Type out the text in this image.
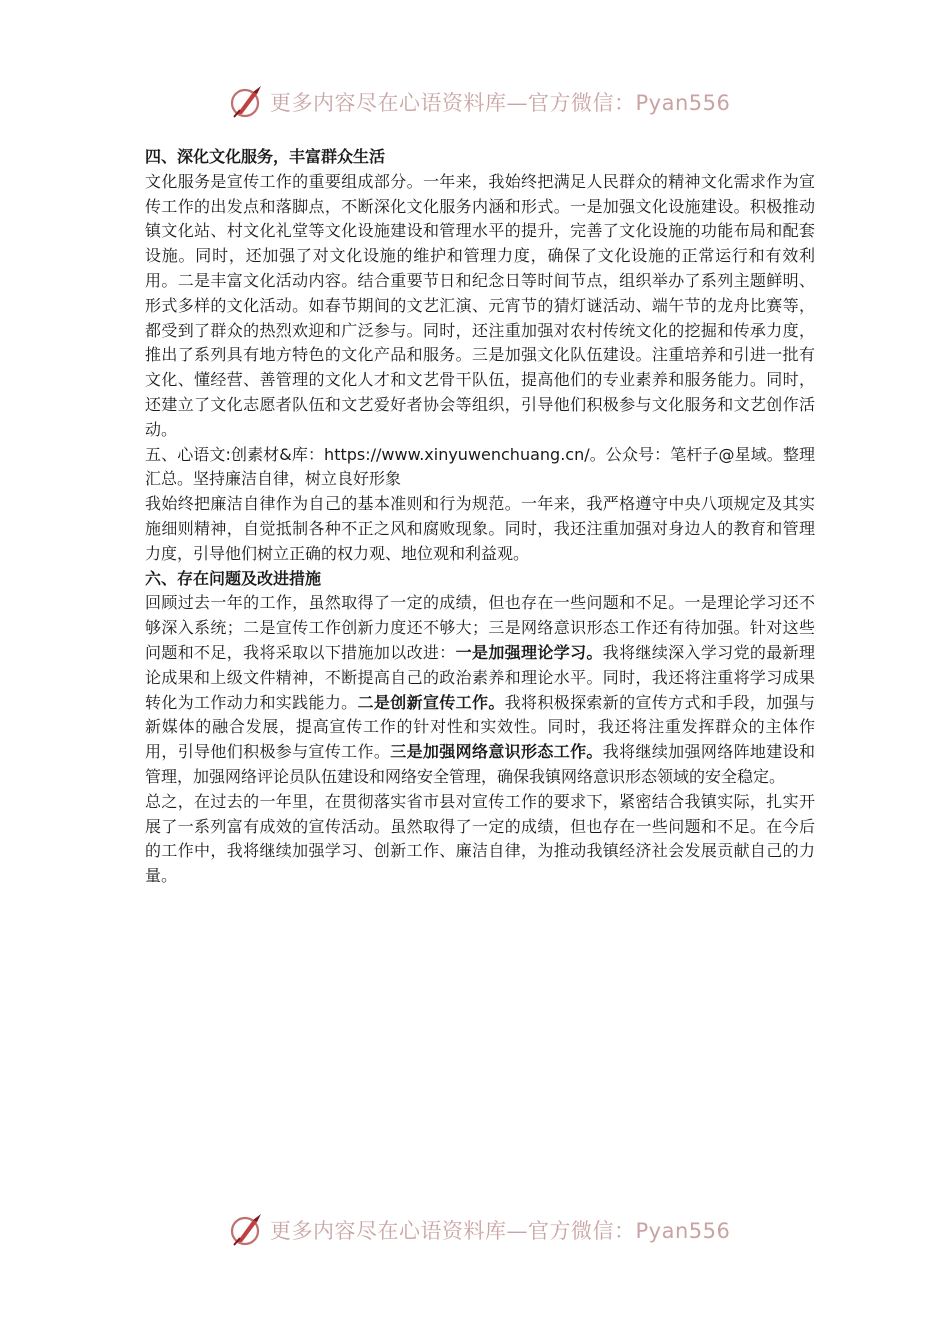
更多内容尽在心语资料库—官方微信：Pyan556

四、深化文化服务，丰富群众生活

文化服务是宣传工作的重要组成部分。一年来，我始终把满足人民群众的精神文化需求作为宣传工作的出发点和落脚点，不断深化文化服务内涵和形式。一是加强文化设施建设。积极推动镇文化站、村文化礼堂等文化设施建设和管理水平的提升，完善了文化设施的功能布局和配套设施。同时，还加强了对文化设施的维护和管理力度，确保了文化设施的正常运行和有效利用。二是丰富文化活动内容。结合重要节日和纪念日等时间节点，组织举办了系列主题鲜明、形式多样的文化活动。如春节期间的文艺汇演、元宵节的猜灯谜活动、端午节的龙舟比赛等，都受到了群众的热烈欢迎和广泛参与。同时，还注重加强对农村传统文化的挖掘和传承力度，推出了系列具有地方特色的文化产品和服务。三是加强文化队伍建设。注重培养和引进一批有文化、懂经营、善管理的文化人才和文艺骨干队伍，提高他们的专业素养和服务能力。同时，还建立了文化志愿者队伍和文艺爱好者协会等组织，引导他们积极参与文化服务和文艺创作活动。

五、心语文:创素材&库：https://www.xinyuwenchuang.cn/。公众号：笔杆子@星域。整理汇总。坚持廉洁自律，树立良好形象

我始终把廉洁自律作为自己的基本准则和行为规范。一年来，我严格遵守中央八项规定及其实施细则精神，自觉抵制各种不正之风和腐败现象。同时，我还注重加强对身边人的教育和管理力度，引导他们树立正确的权力观、地位观和利益观。

六、存在问题及改进措施

回顾过去一年的工作，虽然取得了一定的成绩，但也存在一些问题和不足。一是理论学习还不够深入系统；二是宣传工作创新力度还不够大；三是网络意识形态工作还有待加强。针对这些问题和不足，我将采取以下措施加以改进：一是加强理论学习。我将继续深入学习党的最新理论成果和上级文件精神，不断提高自己的政治素养和理论水平。同时，我还将注重将学习成果转化为工作动力和实践能力。二是创新宣传工作。我将积极探索新的宣传方式和手段，加强与新媒体的融合发展，提高宣传工作的针对性和实效性。同时，我还将注重发挥群众的主体作用，引导他们积极参与宣传工作。三是加强网络意识形态工作。我将继续加强网络阵地建设和管理，加强网络评论员队伍建设和网络安全管理，确保我镇网络意识形态领域的安全稳定。

总之，在过去的一年里，在贯彻落实省市县对宣传工作的要求下，紧密结合我镇实际，扎实开展了一系列富有成效的宣传活动。虽然取得了一定的成绩，但也存在一些问题和不足。在今后的工作中，我将继续加强学习、创新工作、廉洁自律，为推动我镇经济社会发展贡献自己的力量。

更多内容尽在心语资料库—官方微信：Pyan556
